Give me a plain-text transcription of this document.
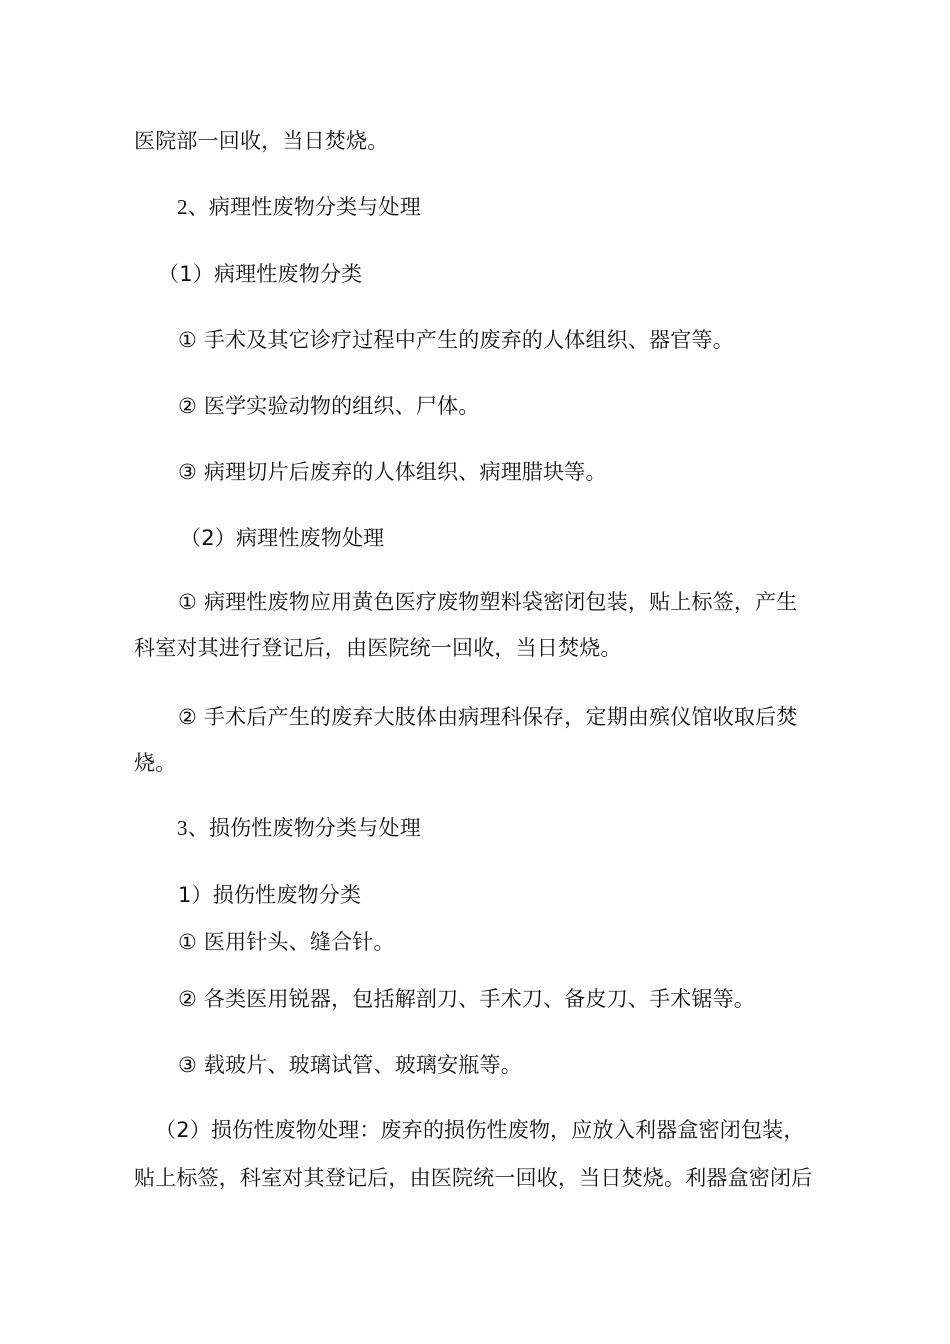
医院部一回收，当日焚烧。
2、病理性废物分类与处理
（1）病理性废物分类
① 手术及其它诊疗过程中产生的废弃的人体组织、器官等。
② 医学实验动物的组织、尸体。
③ 病理切片后废弃的人体组织、病理腊块等。
（2）病理性废物处理
① 病理性废物应用黄色医疗废物塑料袋密闭包装，贴上标签，产生
科室对其进行登记后，由医院统一回收，当日焚烧。
② 手术后产生的废弃大肢体由病理科保存，定期由殡仪馆收取后焚
烧。
3、损伤性废物分类与处理
1）损伤性废物分类
① 医用针头、缝合针。
② 各类医用锐器，包括解剖刀、手术刀、备皮刀、手术锯等。
③ 载玻片、玻璃试管、玻璃安瓶等。
（2）损伤性废物处理：废弃的损伤性废物，应放入利器盒密闭包装，
贴上标签，科室对其登记后，由医院统一回收，当日焚烧。利器盒密闭后
